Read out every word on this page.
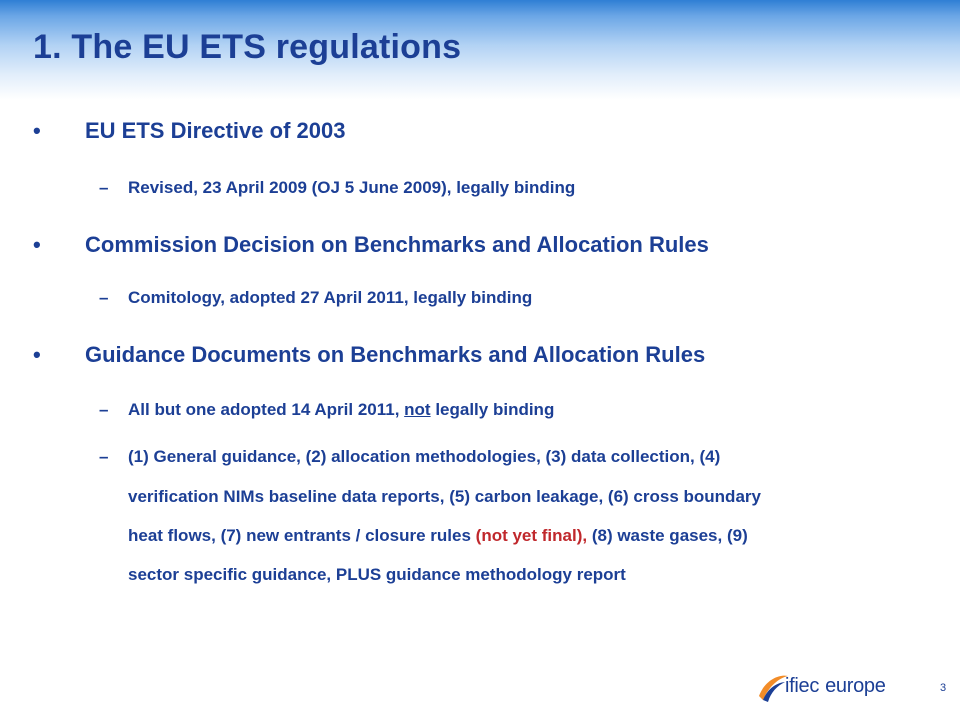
1. The EU ETS regulations
• EU ETS Directive of 2003
– Revised, 23 April 2009 (OJ 5 June 2009), legally binding
• Commission Decision on Benchmarks and Allocation Rules
– Comitology, adopted 27 April 2011, legally binding
• Guidance Documents on Benchmarks and Allocation Rules
– All but one adopted 14 April 2011, not legally binding
– (1) General guidance, (2) allocation methodologies, (3) data collection, (4)
verification NIMs baseline data reports, (5) carbon leakage, (6) cross boundary
heat flows, (7) new entrants / closure rules (not yet final), (8) waste gases, (9)
sector specific guidance, PLUS guidance methodology report
ifiec europe	3
